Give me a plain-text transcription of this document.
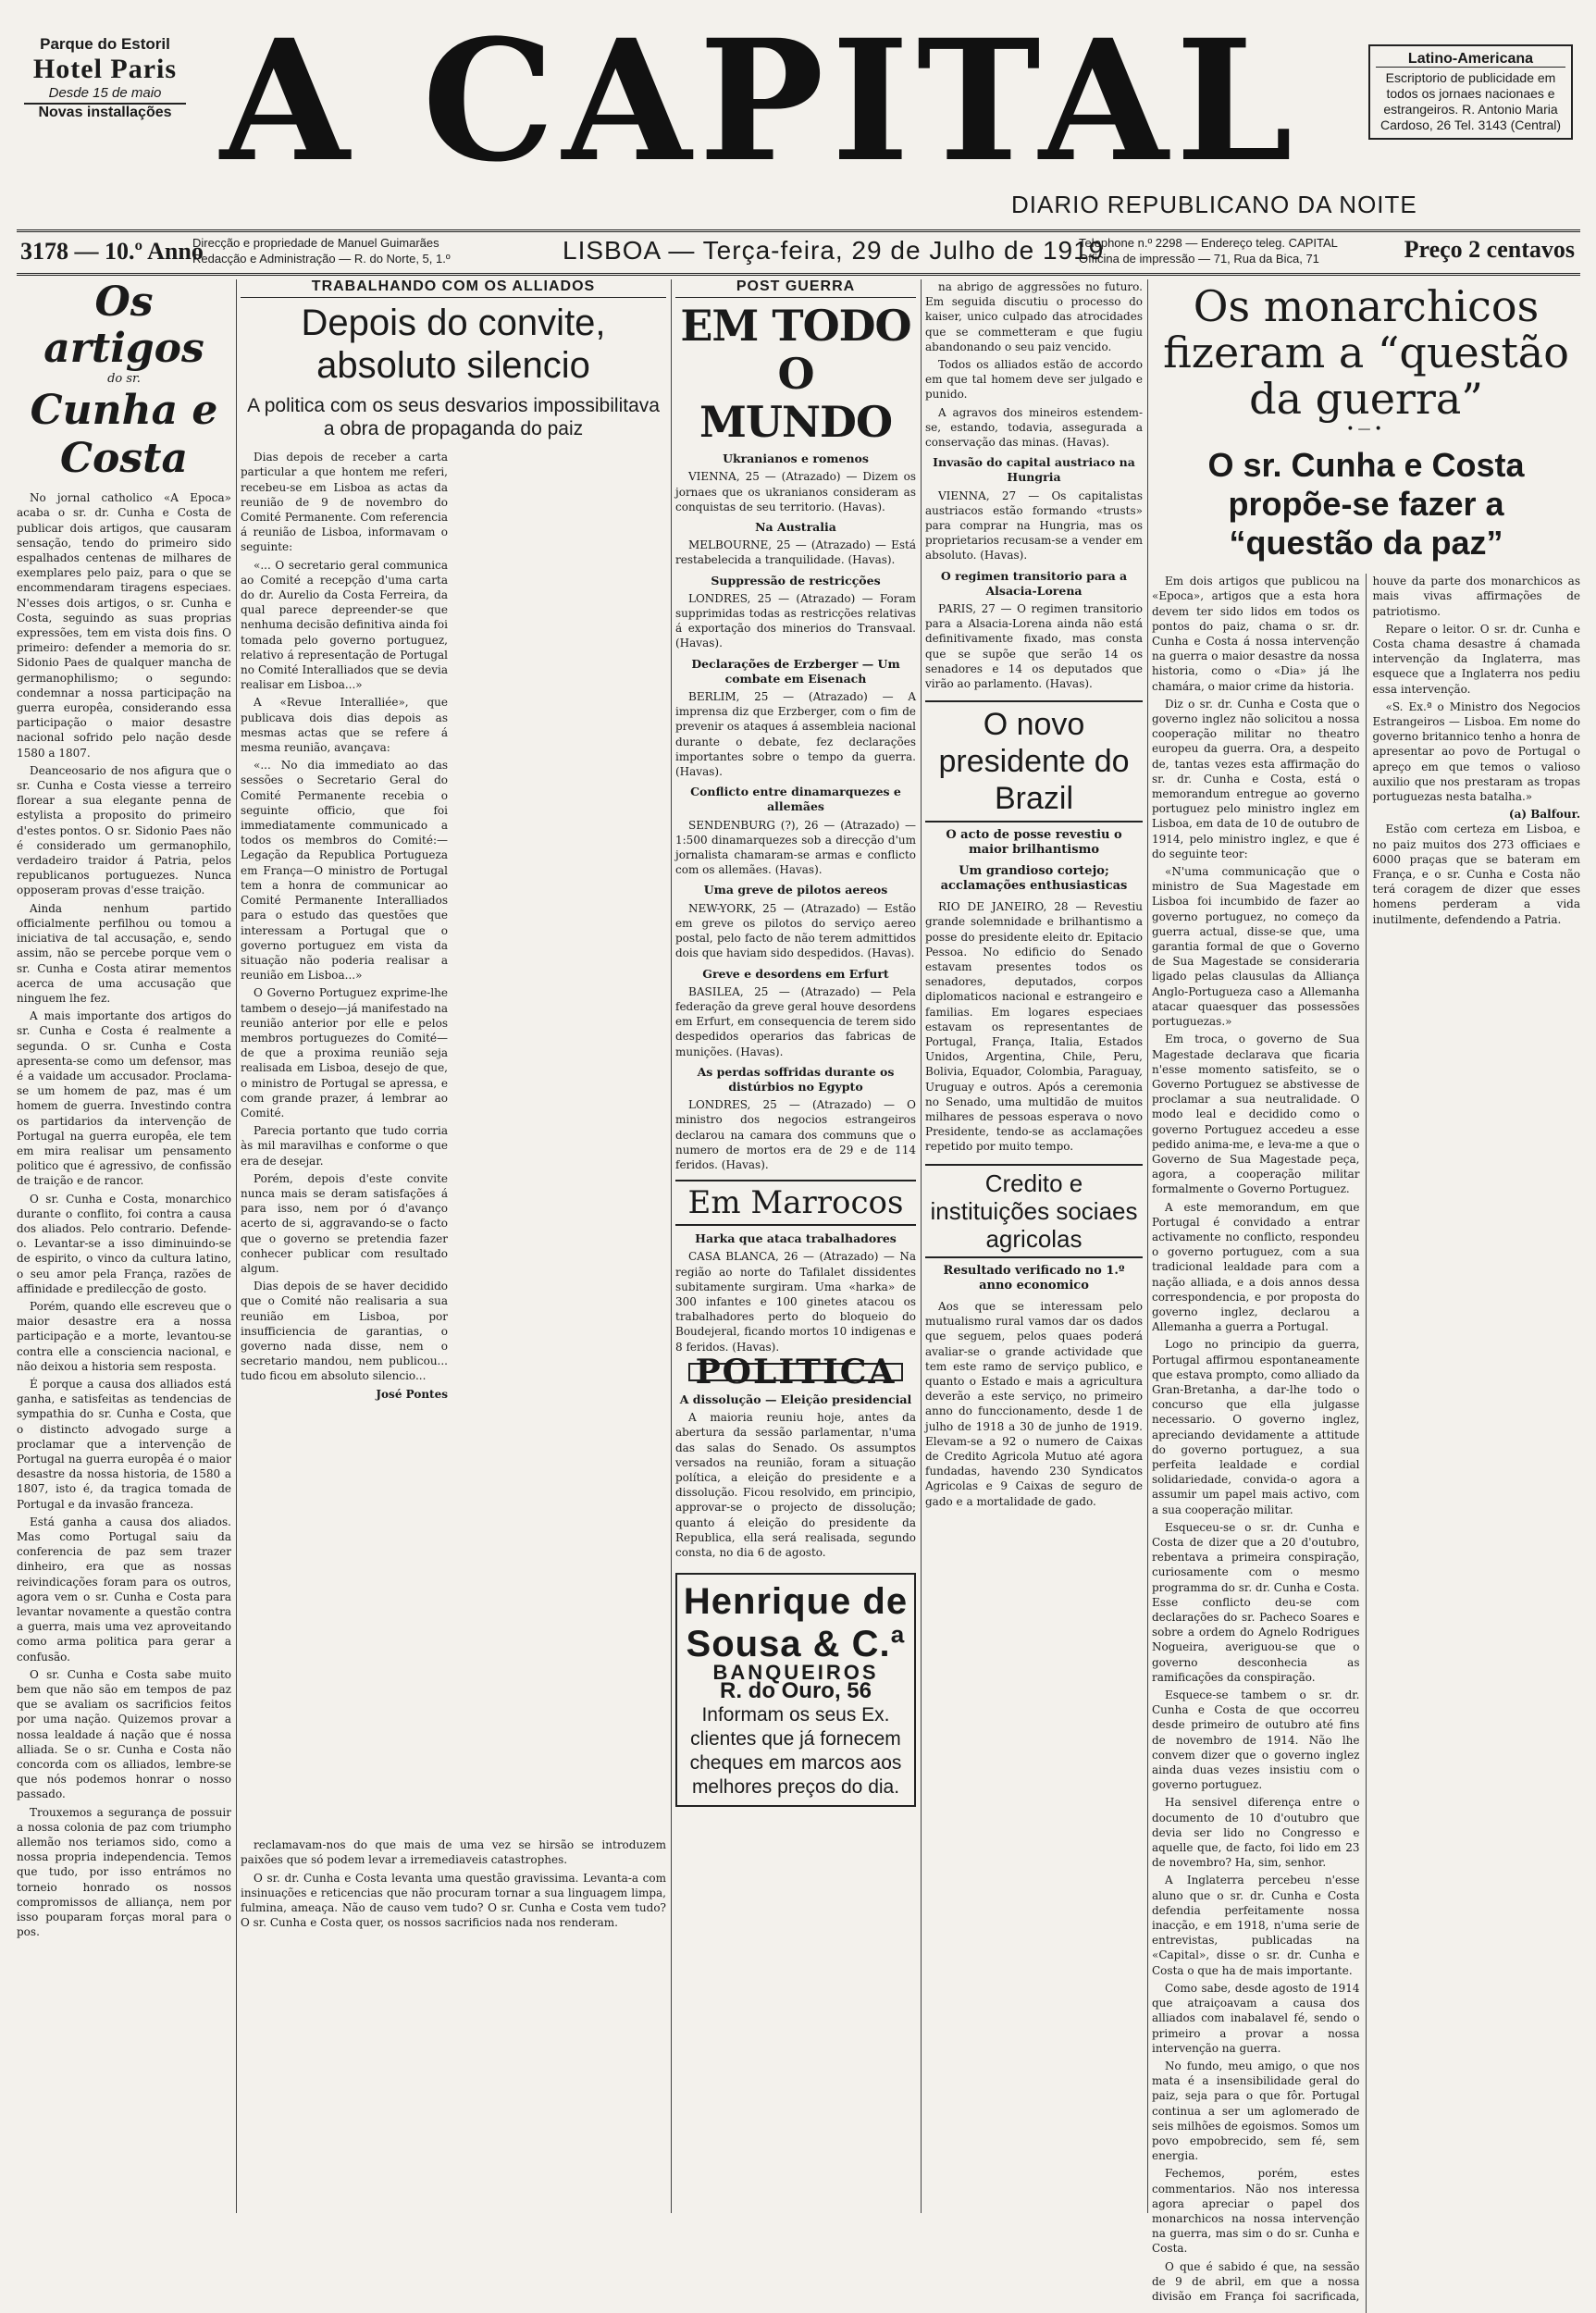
Parque do Estoril
Hotel Paris
Desde 15 de maio
Novas installações A CAPITAL
DIARIO REPUBLICANO DA NOITE
Latino-Americana
Escriptorio de publicidade em todos os jornaes nacionaes e estrangeiros. R. Antonio Maria Cardoso, 26 Tel. 3143 (Central)
3178 — 10.º Anno
Direcção e propriedade de Manuel Guimarães
Redacção e Administração — R. do Norte, 5, 1.º	LISBOA — Terça-feira, 29 de Julho de 1919
Telephone n.º 2298 — Endereço teleg. CAPITAL
Officina de impressão — 71, Rua da Bica, 71	Preço 2 centavos
Os artigos
do sr.
Cunha e Costa

No jornal catholico «A Epoca» acaba o sr. dr. Cunha e Costa de publicar dois artigos, que causaram sensação, tendo do primeiro sido espalhados centenas de milhares de exemplares pelo paiz, para o que se encommendaram tiragens especiaes. N'esses dois artigos, o sr. Cunha e Costa, seguindo as suas proprias expressões, tem em vista dois fins. O primeiro: defender a memoria do sr. Sidonio Paes de qualquer mancha de germanophilismo; o segundo: condemnar a nossa participação na guerra europêa, considerando essa participação o maior desastre nacional sofrido pelo nação desde 1580 a 1807.

Deanceosario de nos afigura que o sr. Cunha e Costa viesse a terreiro florear a sua elegante penna de estylista a proposito do primeiro d'estes pontos. O sr. Sidonio Paes não é considerado um germanophilo, verdadeiro traidor á Patria, pelos republicanos portuguezes. Nunca opposeram provas d'esse traição.

Ainda nenhum partido officialmente perfilhou ou tomou a iniciativa de tal accusação, e, sendo assim, não se percebe porque vem o sr. Cunha e Costa atirar mementos acerca de uma accusação que ninguem lhe fez.

A mais importante dos artigos do sr. Cunha e Costa é realmente a segunda. O sr. Cunha e Costa apresenta-se como um defensor, mas é a vaidade um accusador. Proclama-se um homem de paz, mas é um homem de guerra. Investindo contra os partidarios da intervenção de Portugal na guerra europêa, ele tem em mira realisar um pensamento politico que é agressivo, de confissão de traição e de rancor.

O sr. Cunha e Costa, monarchico durante o conflito, foi contra a causa dos aliados. Pelo contrario. Defende-o. Levantar-se a isso diminuindo-se de espirito, o vinco da cultura latino, o seu amor pela França, razões de affinidade e predilecção de gosto.

Porém, quando elle escreveu que o maior desastre era a nossa participação e a morte, levantou-se contra elle a consciencia nacional, e não deixou a historia sem resposta.

É porque a causa dos alliados está ganha, e satisfeitas as tendencias de sympathia do sr. Cunha e Costa, que o distincto advogado surge a proclamar que a intervenção de Portugal na guerra europêa é o maior desastre da nossa historia, de 1580 a 1807, isto é, da tragica tomada de Portugal e da invasão franceza.

Está ganha a causa dos aliados. Mas como Portugal saiu da conferencia de paz sem trazer dinheiro, era que as nossas reivindicações foram para os outros, agora vem o sr. Cunha e Costa para levantar novamente a questão contra a guerra, mais uma vez aproveitando como arma politica para gerar a confusão.

O sr. Cunha e Costa sabe muito bem que não são em tempos de paz que se avaliam os sacrificios feitos por uma nação. Quizemos provar a nossa lealdade á nação que é nossa alliada. Se o sr. Cunha e Costa não concorda com os alliados, lembre-se que nós podemos honrar o nosso passado.

Trouxemos a segurança de possuir a nossa colonia de paz com triumpho allemão nos teriamos sido, como a nossa propria independencia. Temos que tudo, por isso entrámos no torneio honrado os nossos compromissos de alliança, nem por isso pouparam forças moral para o pos.

TRABALHANDO COM OS ALLIADOS
Depois do convite, absoluto silencio
A politica com os seus desvarios impossibilitava a obra de propaganda do paiz

Dias depois de receber a carta particular a que hontem me referi, recebeu-se em Lisboa as actas da reunião de 9 de novembro do Comité Permanente. Com referencia á reunião de Lisboa, informavam o seguinte:

«... O secretario geral communica ao Comité a recepção d'uma carta do dr. Aurelio da Costa Ferreira, da qual parece depreender-se que nenhuma decisão definitiva ainda foi tomada pelo governo portuguez, relativo á representação de Portugal no Comité Interalliados que se devia realisar em Lisboa...»

A «Revue Interalliée», que publicava dois dias depois as mesmas actas que se refere á mesma reunião, avançava:

«... No dia immediato ao das sessões o Secretario Geral do Comité Permanente recebia o seguinte officio, que foi immediatamente communicado a todos os membros do Comité:—Legação da Republica Portugueza em França—O ministro de Portugal tem a honra de communicar ao Comité Permanente Interalliados para o estudo das questões que interessam a Portugal que o governo portuguez em vista da situação não poderia realisar a reunião em Lisboa...»

O Governo Portuguez exprime-lhe tambem o desejo—já manifestado na reunião anterior por elle e pelos membros portuguezes do Comité—de que a proxima reunião seja realisada em Lisboa, desejo de que, o ministro de Portugal se apressa, e com grande prazer, á lembrar ao Comité.

Parecia portanto que tudo corria às mil maravilhas e conforme o que era de desejar.

Porém, depois d'este convite nunca mais se deram satisfações á para isso, nem por ó d'avanço acerto de si, aggravando-se o facto que o governo se pretendia fazer conhecer publicar com resultado algum.

Dias depois de se haver decidido que o Comité não realisaria a sua reunião em Lisboa, por insufficiencia de garantias, o governo nada disse, nem o secretario mandou, nem publicou... tudo ficou em absoluto silencio...

José Pontes

reclamavam-nos do que mais de uma vez se hirsão se introduzem paixões que só podem levar a irremediaveis catastrophes.

O sr. dr. Cunha e Costa levanta uma questão gravissima. Levanta-a com insinuações e reticencias que não procuram tornar a sua linguagem limpa, fulmina, ameaça. Não de causo vem tudo? O sr. Cunha e Costa vem tudo? O sr. Cunha e Costa quer, os nossos sacrificios nada nos renderam.

POST GUERRA
EM TODO O MUNDO
Ukranianos e romenos

VIENNA, 25 — (Atrazado) — Dizem os jornaes que os ukranianos consideram as conquistas de seu territorio. (Havas).

Na Australia

MELBOURNE, 25 — (Atrazado) — Está restabelecida a tranquilidade. (Havas).

Suppressão de restricções

LONDRES, 25 — (Atrazado) — Foram supprimidas todas as restricções relativas á exportação dos minerios do Transvaal. (Havas).

Declarações de Erzberger — Um combate em Eisenach

BERLIM, 25 — (Atrazado) — A imprensa diz que Erzberger, com o fim de prevenir os ataques á assembleia nacional durante o debate, fez declarações importantes sobre o tempo da guerra. (Havas).

Conflicto entre dinamarquezes e allemães

SENDENBURG (?), 26 — (Atrazado) — 1:500 dinamarquezes sob a direcção d'um jornalista chamaram-se armas e conflicto com os allemães. (Havas).

Uma greve de pilotos aereos

NEW-YORK, 25 — (Atrazado) — Estão em greve os pilotos do serviço aereo postal, pelo facto de não terem admittidos dois que haviam sido despedidos. (Havas).

Greve e desordens em Erfurt

BASILEA, 25 — (Atrazado) — Pela federação da greve geral houve desordens em Erfurt, em consequencia de terem sido despedidos operarios das fabricas de munições. (Havas).

As perdas soffridas durante os distúrbios no Egypto

LONDRES, 25 — (Atrazado) — O ministro dos negocios estrangeiros declarou na camara dos communs que o numero de mortos era de 29 e de 114 feridos. (Havas).

Em Marrocos
Harka que ataca trabalhadores

CASA BLANCA, 26 — (Atrazado) — Na região ao norte do Tafilalet dissidentes subitamente surgiram. Uma «harka» de 300 infantes e 100 ginetes atacou os trabalhadores perto do bloqueio do Boudejeral, ficando mortos 10 indigenas e 8 feridos. (Havas).

POLITICA
A dissolução — Eleição presidencial

A maioria reuniu hoje, antes da abertura da sessão parlamentar, n'uma das salas do Senado. Os assumptos versados na reunião, foram a situação política, a eleição do presidente e a dissolução. Ficou resolvido, em principio, approvar-se o projecto de dissolução; quanto á eleição do presidente da Republica, ella será realisada, segundo consta, no dia 6 de agosto.

Henrique de Sousa & C.ª
BANQUEIROS
R. do Ouro, 56
Informam os seus Ex. clientes que já fornecem cheques em marcos aos melhores preços do dia.

na abrigo de aggressões no futuro. Em seguida discutiu o processo do kaiser, unico culpado das atrocidades que se commetteram e que fugiu abandonando o seu paiz vencido.

Todos os alliados estão de accordo em que tal homem deve ser julgado e punido.

A agravos dos mineiros estendem-se, estando, todavia, assegurada a conservação das minas. (Havas).

Invasão do capital austriaco na Hungria

VIENNA, 27 — Os capitalistas austriacos estão formando «trusts» para comprar na Hungria, mas os proprietarios recusam-se a vender em absoluto. (Havas).

O regimen transitorio para a Alsacia-Lorena

PARIS, 27 — O regimen transitorio para a Alsacia-Lorena ainda não está definitivamente fixado, mas consta que se supõe que serão 14 os senadores e 14 os deputados que virão ao parlamento. (Havas).

O novo presidente do Brazil
O acto de posse revestiu o maior brilhantismo
Um grandioso cortejo; acclamações enthusiasticas

RIO DE JANEIRO, 28 — Revestiu grande solemnidade e brilhantismo a posse do presidente eleito dr. Epitacio Pessoa. No edificio do Senado estavam presentes todos os senadores, deputados, corpos diplomaticos nacional e estrangeiro e familias. Em logares especiaes estavam os representantes de Portugal, França, Italia, Estados Unidos, Argentina, Chile, Peru, Bolivia, Equador, Colombia, Paraguay, Uruguay e outros. Após a ceremonia no Senado, uma multidão de muitos milhares de pessoas esperava o novo Presidente, tendo-se as acclamações repetido por muito tempo.

Credito e instituições sociaes agricolas
Resultado verificado no 1.º anno economico

Aos que se interessam pelo mutualismo rural vamos dar os dados que seguem, pelos quaes poderá avaliar-se o grande actividade que tem este ramo de serviço publico, e quanto o Estado e mais a agricultura deverão a este serviço, no primeiro anno do funccionamento, desde 1 de julho de 1918 a 30 de junho de 1919. Elevam-se a 92 o numero de Caixas de Credito Agricola Mutuo até agora fundadas, havendo 230 Syndicatos Agricolas e 9 Caixas de seguro de gado e a mortalidade de gado.

Os monarchicos fizeram a “questão da guerra”
•—•
O sr. Cunha e Costa propõe-se fazer a “questão da paz”

Em dois artigos que publicou na «Epoca», artigos que a esta hora devem ter sido lidos em todos os pontos do paiz, chama o sr. dr. Cunha e Costa á nossa intervenção na guerra o maior desastre da nossa historia, como o «Dia» já lhe chamára, o maior crime da historia.

Diz o sr. dr. Cunha e Costa que o governo inglez não solicitou a nossa cooperação militar no theatro europeu da guerra. Ora, a despeito de, tantas vezes esta affirmação do sr. dr. Cunha e Costa, está o memorandum entregue ao governo portuguez pelo ministro inglez em Lisboa, em data de 10 de outubro de 1914, pelo ministro inglez, e que é do seguinte teor:

«N'uma communicação que o ministro de Sua Magestade em Lisboa foi incumbido de fazer ao governo portuguez, no começo da guerra actual, disse-se que, uma garantia formal de que o Governo de Sua Magestade se consideraria ligado pelas clausulas da Alliança Anglo-Portugueza caso a Allemanha atacar quaesquer das possessões portuguezas.»

Em troca, o governo de Sua Magestade declarava que ficaria n'esse momento satisfeito, se o Governo Portuguez se abstivesse de proclamar a sua neutralidade. O modo leal e decidido como o governo Portuguez accedeu a esse pedido anima-me, e leva-me a que o Governo de Sua Magestade peça, agora, a cooperação militar formalmente o Governo Portuguez.

A este memorandum, em que Portugal é convidado a entrar activamente no conflicto, respondeu o governo portuguez, com a sua tradicional lealdade para com a nação alliada, e a dois annos dessa correspondencia, e por proposta do governo inglez, declarou a Allemanha a guerra a Portugal.

Logo no principio da guerra, Portugal affirmou espontaneamente que estava prompto, como alliado da Gran-Bretanha, a dar-lhe todo o concurso que ella julgasse necessario. O governo inglez, apreciando devidamente a attitude do governo portuguez, a sua perfeita lealdade e cordial solidariedade, convida-o agora a assumir um papel mais activo, com a sua cooperação militar.

Esqueceu-se o sr. dr. Cunha e Costa de dizer que a 20 d'outubro, rebentava a primeira conspiração, curiosamente com o mesmo programma do sr. dr. Cunha e Costa. Esse conflicto deu-se com declarações do sr. Pacheco Soares e sobre a ordem do Agnelo Rodrigues Nogueira, averiguou-se que o governo desconhecia as ramificações da conspiração.

Esquece-se tambem o sr. dr. Cunha e Costa de que occorreu desde primeiro de outubro até fins de novembro de 1914. Não lhe convem dizer que o governo inglez ainda duas vezes insistiu com o governo portuguez.

Ha sensivel diferença entre o documento de 10 d'outubro que devia ser lido no Congresso e aquelle que, de facto, foi lido em 23 de novembro? Ha, sim, senhor.

A Inglaterra percebeu n'esse aluno que o sr. dr. Cunha e Costa defendia perfeitamente nossa inacção, e em 1918, n'uma serie de entrevistas, publicadas na «Capital», disse o sr. dr. Cunha e Costa o que ha de mais importante.

Como sabe, desde agosto de 1914 que atraiçoavam a causa dos alliados com inabalavel fé, sendo o primeiro a provar a nossa intervenção na guerra.

No fundo, meu amigo, o que nos mata é a insensibilidade geral do paiz, seja para o que fôr. Portugal continua a ser um aglomerado de seis milhões de egoismos. Somos um povo empobrecido, sem fé, sem energia.

Fechemos, porém, estes commentarios. Não nos interessa agora apreciar o papel dos monarchicos na nossa intervenção na guerra, mas sim o do sr. Cunha e Costa.

O que é sabido é que, na sessão de 9 de abril, em que a nossa divisão em França foi sacrificada, houve da parte dos monarchicos as mais vivas affirmações de patriotismo.

Repare o leitor. O sr. dr. Cunha e Costa chama desastre á chamada intervenção da Inglaterra, mas esquece que a Inglaterra nos pediu essa intervenção.

«S. Ex.ª o Ministro dos Negocios Estrangeiros — Lisboa. Em nome do governo britannico tenho a honra de apresentar ao povo de Portugal o apreço em que temos o valioso auxilio que nos prestaram as tropas portuguezas nesta batalha.»

(a) Balfour.

Estão com certeza em Lisboa, e no paiz muitos dos 273 officiaes e 6000 praças que se bateram em França, e o sr. Cunha e Costa não terá coragem de dizer que esses homens perderam a vida inutilmente, defendendo a Patria.
